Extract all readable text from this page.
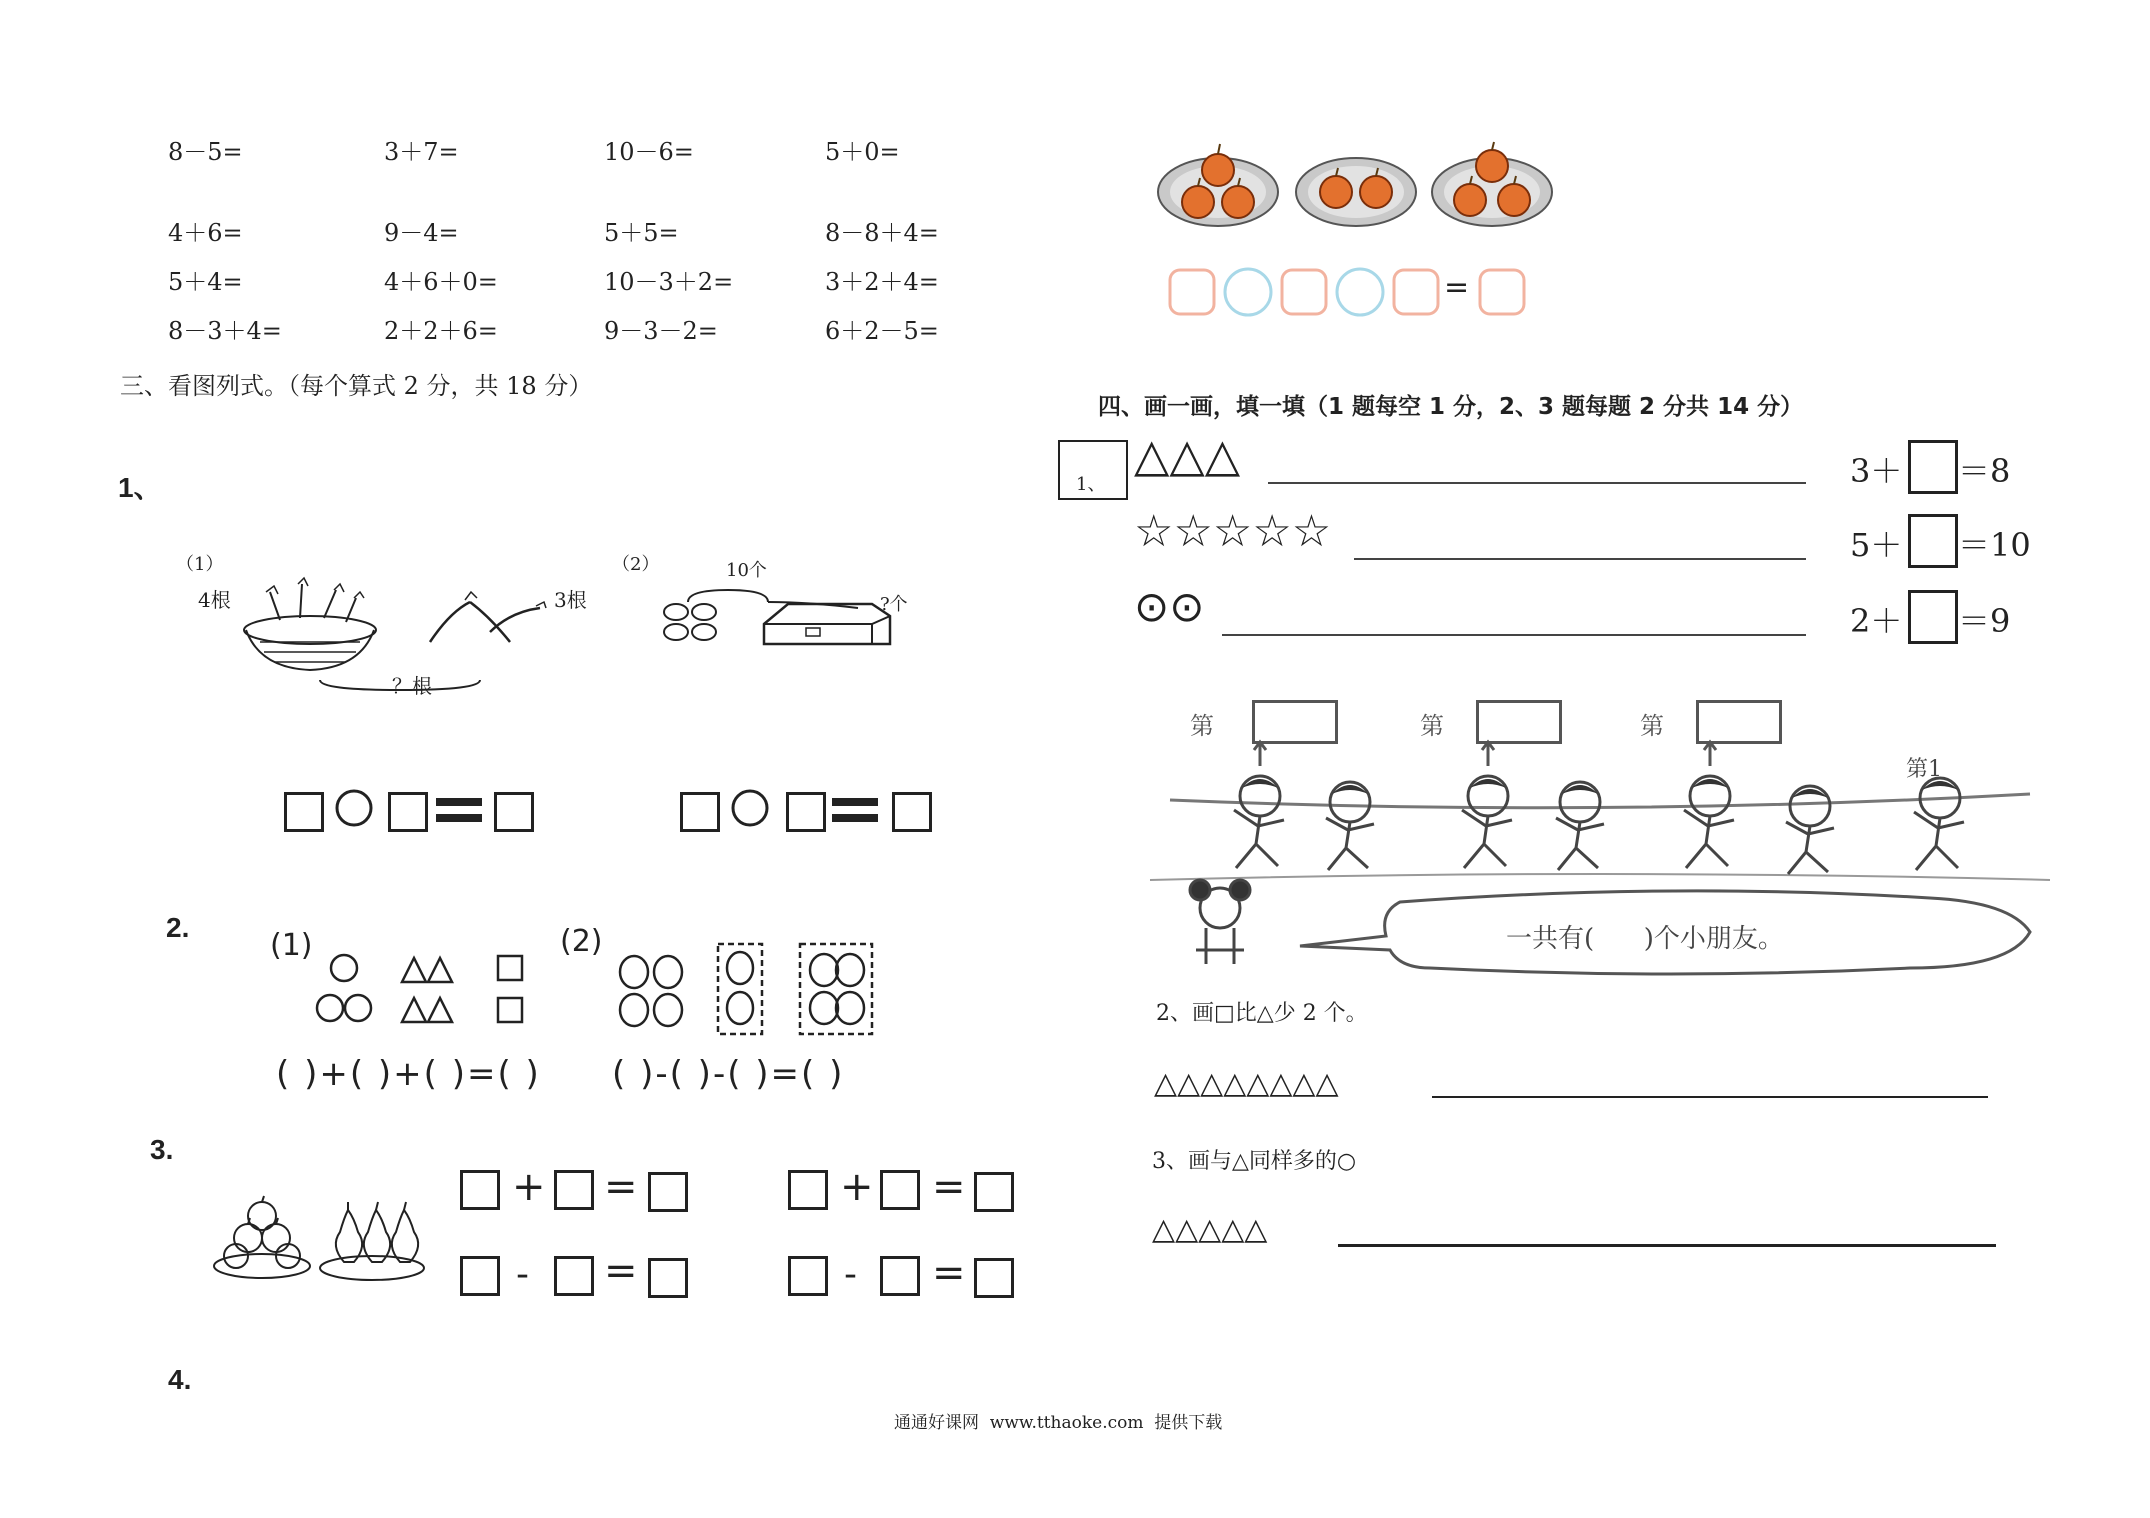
8－5=	3＋7=	10－6=	5＋0=
4＋6=	9－4=	5＋5=	8－8＋4=
5＋4=	4＋6＋0=	10－3＋2=	3＋2＋4=
8－3＋4=	2＋2＋6=	9－3－2=	6＋2－5=
三、看图列式。（每个算式 2 分，共 18 分）
1、
（1）	（2）
4根	3根
？根
10个
?个
2.
(1)	(2)
( )+( )+( )=( ) ( )-( )-( )=( )
3.
+ =	+ =
- =	- =
4.
=
四、画一画，填一填（1 题每空 1 分，2、3 题每题 2 分共 14 分）
1、
△△△	3＋ ＝8
☆☆☆☆☆	5＋ ＝10
⊙⊙	2＋ ＝9
第	第	第
第1
一共有(      )个小朋友。
2、画□比△少 2 个。
△△△△△△△△
3、画与△同样多的○
△△△△△
通通好课网  www.tthaoke.com  提供下载
